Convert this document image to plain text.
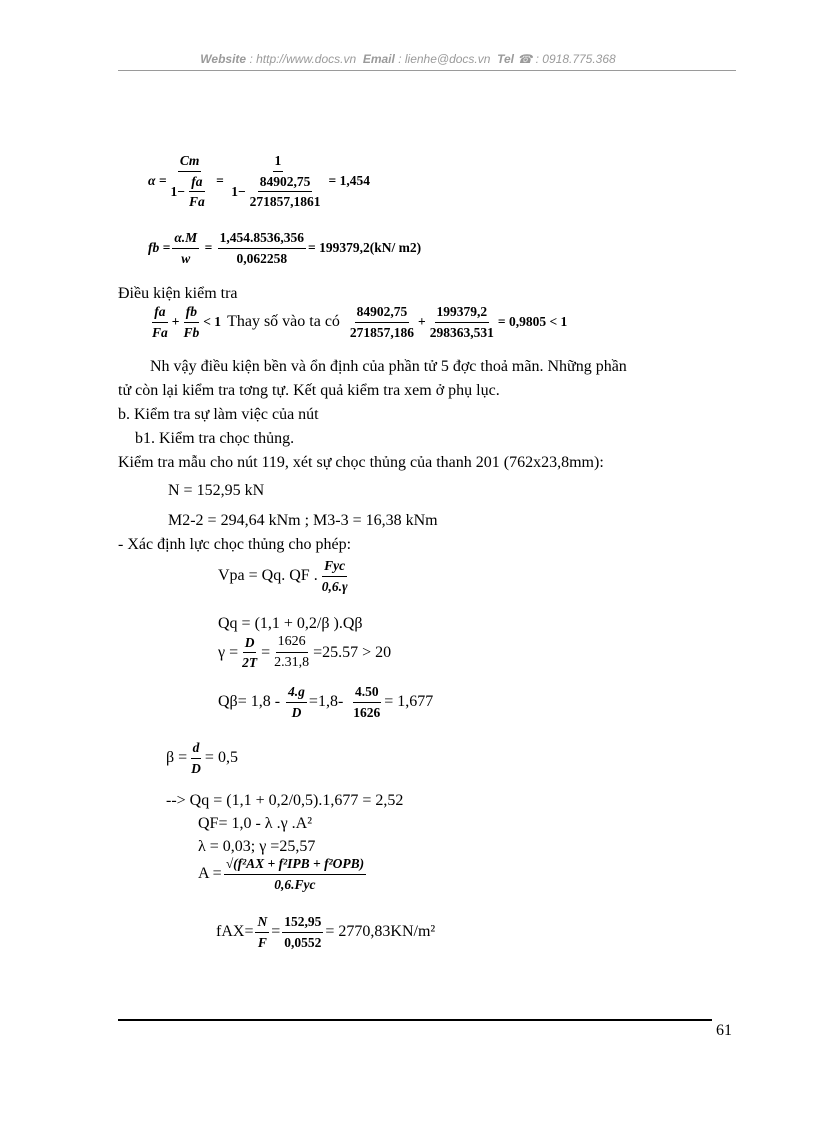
Website : http://www.docs.vn Email : lienhe@docs.vn Tel ☎ : 0918.775.368
$\alpha = \frac{Cm}{1- \frac{fa}{Fa}} = \frac{1}{1- \frac{84902,75}{271857,1861}} = 1,454$
fb = $\frac{\alpha.M}{w} = \frac{1,454.8536,356}{0,062258} = 199379,2(kN/$ m2)
Điều kiện kiểm tra
$\frac{fa}{Fa} + \frac{fb}{Fb} < 1$ Thay số vào ta có $\frac{84902,75}{271857,186} + \frac{199379,2}{298363,531} = 0,9805 < 1$
Nh vậy điều kiện bền và ổn định của phần tử 5 đợc thoả mãn. Những phần
tử còn lại kiểm tra tơng tự. Kết quả kiểm tra xem ở phụ lục.
b. Kiểm tra sự làm việc của nút
b1. Kiểm tra chọc thủng.
Kiểm tra mẫu cho nút 119, xét sự chọc thủng của thanh 201 (762x23,8mm):
N = 152,95 kN
M2-2 = 294,64 kNm ; M3-3 = 16,38 kNm
- Xác định lực chọc thủng cho phép:
Vpa = Qq. QF . $\frac{\text{Fyc}}{0,6.\gamma}$
Qq = (1,1 + 0,2/β ).Qβ
$\gamma = \frac{D}{2T} = \frac{1626}{2.31,8} =25.57 > 20$
$Q\beta= 1,8 - \frac{4.g}{D} =1,8- \frac{4.50}{1626} = 1,677$
$\beta = \frac{d}{D} = 0,5$
--> Qq = (1,1 + 0,2/0,5).1,677 = 2,52
QF= 1,0 - λ .γ .A²
λ = 0,03; γ =25,57
$A = \frac{\text{√(f²AX + f²IPB + f²OPB)}}{\text{0,6.Fyc}}$
$fAX= \frac{N}{F} = \frac{152,95}{0,0552} = 2770,83KN/m^2$
61
